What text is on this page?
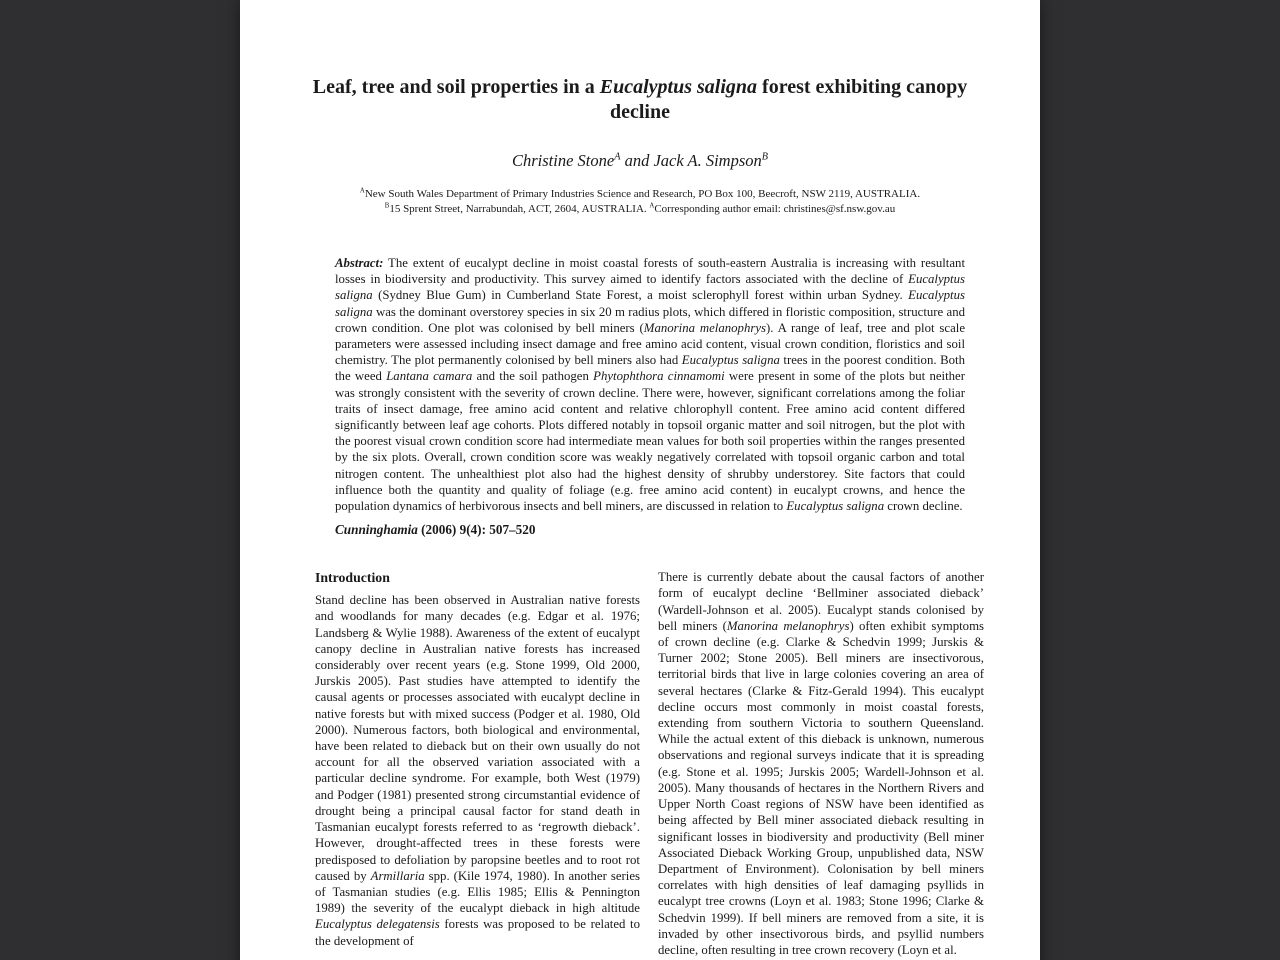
Leaf, tree and soil properties in a Eucalyptus saligna forest exhibiting canopy decline
Christine Stone$^A$ and Jack A. Simpson$^B$
$^A$New South Wales Department of Primary Industries Science and Research, PO Box 100, Beecroft, NSW 2119, AUSTRALIA.
$^B$15 Sprent Street, Narrabundah, ACT, 2604, AUSTRALIA. $^A$Corresponding author email: christines@sf.nsw.gov.au

Abstract: The extent of eucalypt decline in moist coastal forests of south-eastern Australia is increasing with resultant losses in biodiversity and productivity. This survey aimed to identify factors associated with the decline of Eucalyptus saligna (Sydney Blue Gum) in Cumberland State Forest, a moist sclerophyll forest within urban Sydney. Eucalyptus saligna was the dominant overstorey species in six 20 m radius plots, which differed in floristic composition, structure and crown condition. One plot was colonised by bell miners (Manorina melanophrys). A range of leaf, tree and plot scale parameters were assessed including insect damage and free amino acid content, visual crown condition, floristics and soil chemistry. The plot permanently colonised by bell miners also had Eucalyptus saligna trees in the poorest condition. Both the weed Lantana camara and the soil pathogen Phytophthora cinnamomi were present in some of the plots but neither was strongly consistent with the severity of crown decline. There were, however, significant correlations among the foliar traits of insect damage, free amino acid content and relative chlorophyll content. Free amino acid content differed significantly between leaf age cohorts. Plots differed notably in topsoil organic matter and soil nitrogen, but the plot with the poorest visual crown condition score had intermediate mean values for both soil properties within the ranges presented by the six plots. Overall, crown condition score was weakly negatively correlated with topsoil organic carbon and total nitrogen content. The unhealthiest plot also had the highest density of shrubby understorey. Site factors that could influence both the quantity and quality of foliage (e.g. free amino acid content) in eucalypt crowns, and hence the population dynamics of herbivorous insects and bell miners, are discussed in relation to Eucalyptus saligna crown decline.

Cunninghamia (2006) 9(4): 507–520

Introduction

Stand decline has been observed in Australian native forests and woodlands for many decades (e.g. Edgar et al. 1976; Landsberg & Wylie 1988). Awareness of the extent of eucalypt canopy decline in Australian native forests has increased considerably over recent years (e.g. Stone 1999, Old 2000, Jurskis 2005). Past studies have attempted to identify the causal agents or processes associated with eucalypt decline in native forests but with mixed success (Podger et al. 1980, Old 2000). Numerous factors, both biological and environmental, have been related to dieback but on their own usually do not account for all the observed variation associated with a particular decline syndrome. For example, both West (1979) and Podger (1981) presented strong circumstantial evidence of drought being a principal causal factor for stand death in Tasmanian eucalypt forests referred to as ‘regrowth dieback’. However, drought-affected trees in these forests were predisposed to defoliation by paropsine beetles and to root rot caused by Armillaria spp. (Kile 1974, 1980). In another series of Tasmanian studies (e.g. Ellis 1985; Ellis & Pennington 1989) the severity of the eucalypt dieback in high altitude Eucalyptus delegatensis forests was proposed to be related to the development of

There is currently debate about the causal factors of another form of eucalypt decline ‘Bellminer associated dieback’ (Wardell-Johnson et al. 2005). Eucalypt stands colonised by bell miners (Manorina melanophrys) often exhibit symptoms of crown decline (e.g. Clarke & Schedvin 1999; Jurskis & Turner 2002; Stone 2005). Bell miners are insectivorous, territorial birds that live in large colonies covering an area of several hectares (Clarke & Fitz-Gerald 1994). This eucalypt decline occurs most commonly in moist coastal forests, extending from southern Victoria to southern Queensland. While the actual extent of this dieback is unknown, numerous observations and regional surveys indicate that it is spreading (e.g. Stone et al. 1995; Jurskis 2005; Wardell-Johnson et al. 2005). Many thousands of hectares in the Northern Rivers and Upper North Coast regions of NSW have been identified as being affected by Bell miner associated dieback resulting in significant losses in biodiversity and productivity (Bell miner Associated Dieback Working Group, unpublished data, NSW Department of Environment). Colonisation by bell miners correlates with high densities of leaf damaging psyllids in eucalypt tree crowns (Loyn et al. 1983; Stone 1996; Clarke & Schedvin 1999). If bell miners are removed from a site, it is invaded by other insectivorous birds, and psyllid numbers decline, often resulting in tree crown recovery (Loyn et al.
